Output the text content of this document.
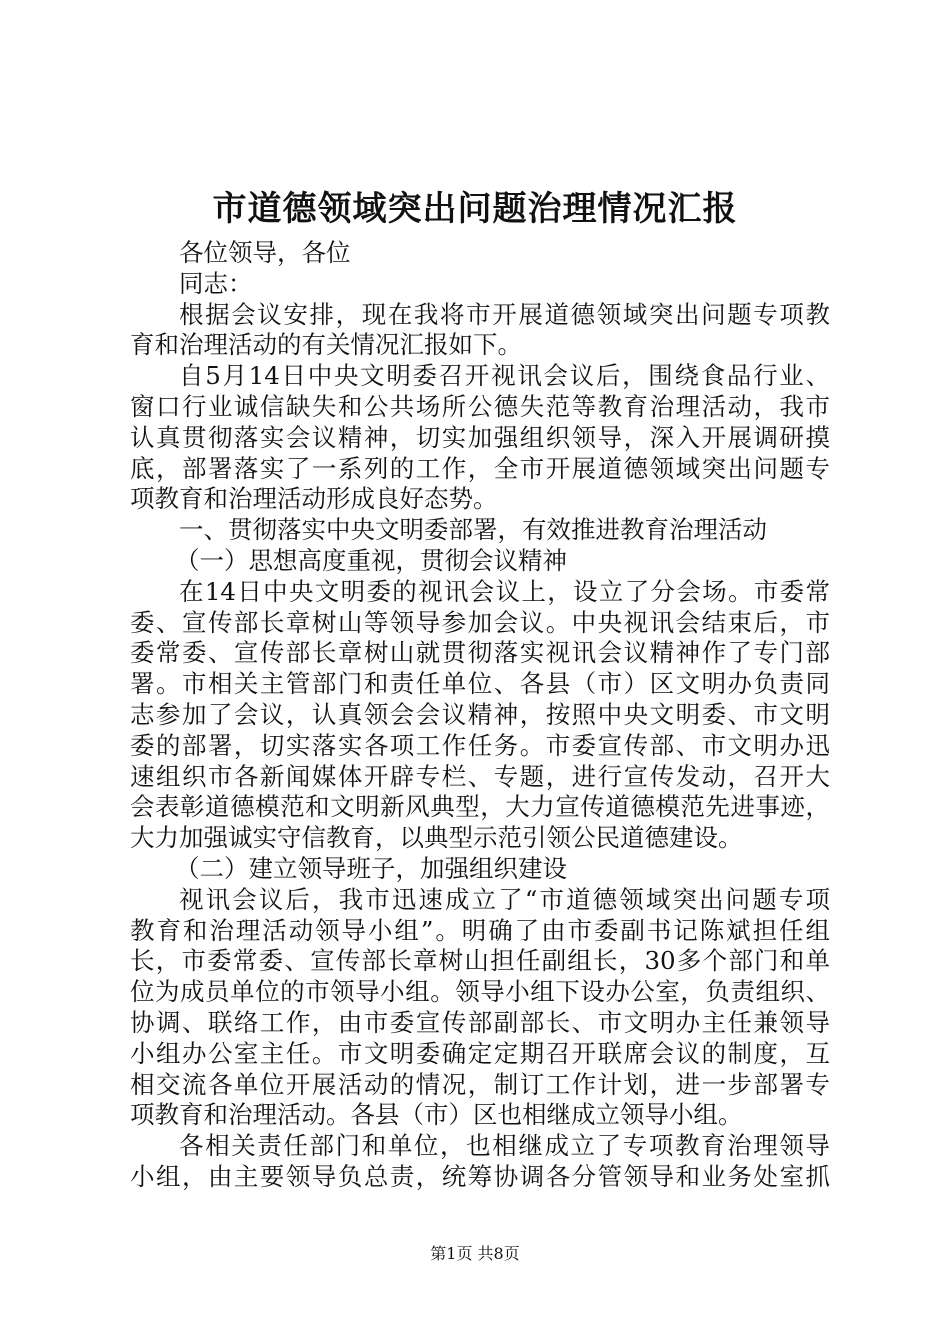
市道德领域突出问题治理情况汇报
各位领导，各位
同志：
根据会议安排，现在我将市开展道德领域突出问题专项教
育和治理活动的有关情况汇报如下。
自5月14日中央文明委召开视讯会议后，围绕食品行业、
窗口行业诚信缺失和公共场所公德失范等教育治理活动，我市
认真贯彻落实会议精神，切实加强组织领导，深入开展调研摸
底，部署落实了一系列的工作，全市开展道德领域突出问题专
项教育和治理活动形成良好态势。
一、贯彻落实中央文明委部署，有效推进教育治理活动
（一）思想高度重视，贯彻会议精神
在14日中央文明委的视讯会议上，设立了分会场。市委常
委、宣传部长章树山等领导参加会议。中央视讯会结束后，市
委常委、宣传部长章树山就贯彻落实视讯会议精神作了专门部
署。市相关主管部门和责任单位、各县（市）区文明办负责同
志参加了会议，认真领会会议精神，按照中央文明委、市文明
委的部署，切实落实各项工作任务。市委宣传部、市文明办迅
速组织市各新闻媒体开辟专栏、专题，进行宣传发动，召开大
会表彰道德模范和文明新风典型，大力宣传道德模范先进事迹，
大力加强诚实守信教育，以典型示范引领公民道德建设。
（二）建立领导班子，加强组织建设
视讯会议后，我市迅速成立了“市道德领域突出问题专项
教育和治理活动领导小组”。明确了由市委副书记陈斌担任组
长，市委常委、宣传部长章树山担任副组长，30多个部门和单
位为成员单位的市领导小组。领导小组下设办公室，负责组织、
协调、联络工作，由市委宣传部副部长、市文明办主任兼领导
小组办公室主任。市文明委确定定期召开联席会议的制度，互
相交流各单位开展活动的情况，制订工作计划，进一步部署专
项教育和治理活动。各县（市）区也相继成立领导小组。
各相关责任部门和单位，也相继成立了专项教育治理领导
小组，由主要领导负总责，统筹协调各分管领导和业务处室抓
第1页 共8页
